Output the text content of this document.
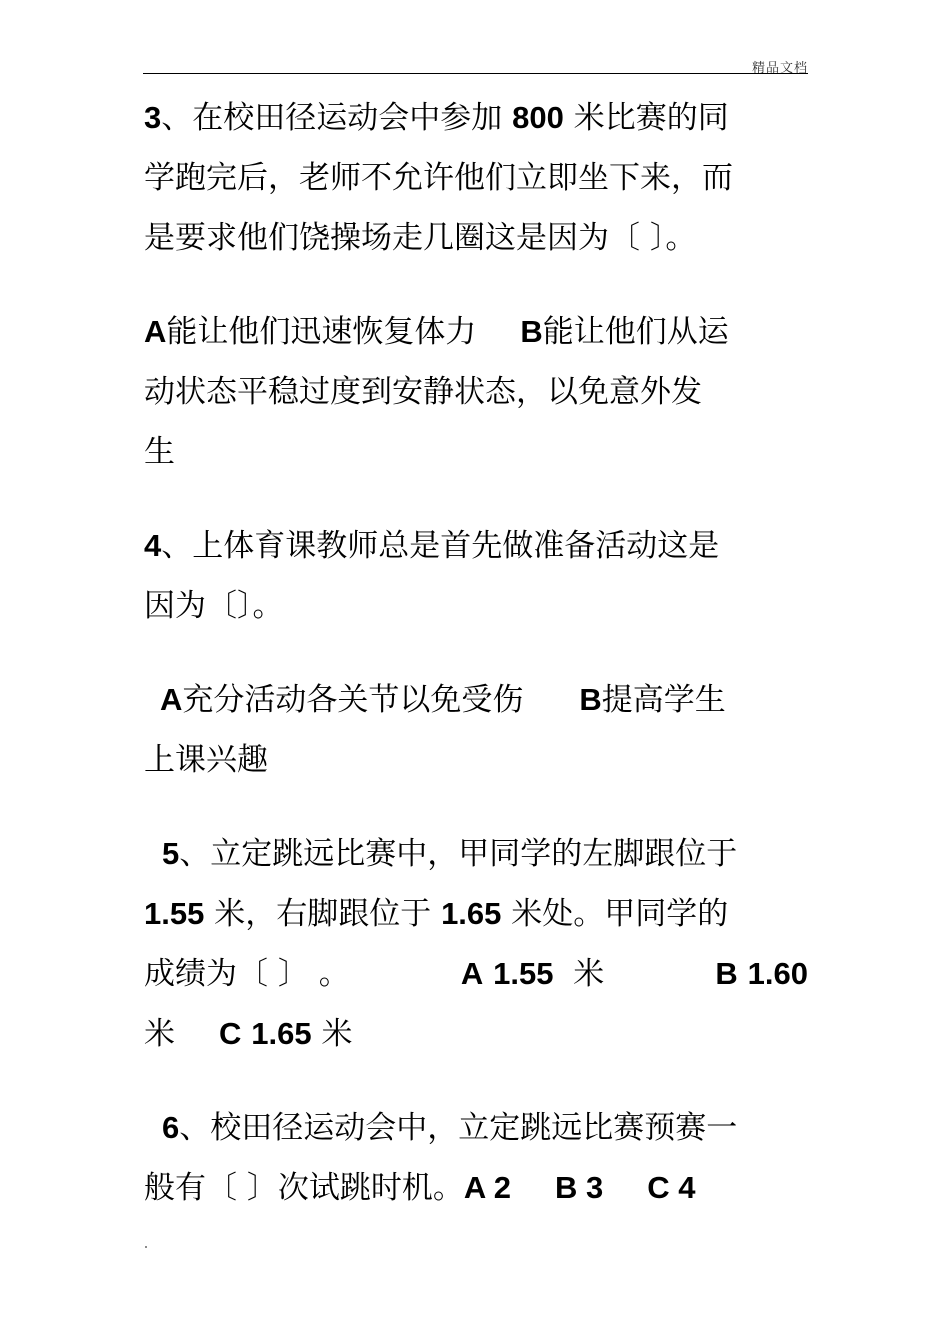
精品文档
3、在校田径运动会中参加 800 米比赛的同
学跑完后，老师不允许他们立即坐下来，而
是要求他们饶操场走几圈这是因为〔 〕。
A能让他们迅速恢复体力 B能让他们从运
动状态平稳过度到安静状态，以免意外发
生
4、上体育课教师总是首先做准备活动这是
因为〔〕。
A充分活动各关节以免受伤 B提高学生
上课兴趣
5、立定跳远比赛中，甲同学的左脚跟位于
1.55 米，右脚跟位于 1.65 米处。甲同学的
成绩为〔 〕 。	A 1.55 米	B 1.60
米 C 1.65 米
6、校田径运动会中，立定跳远比赛预赛一
般有〔 〕次试跳时机。A 2 B 3 C 4
